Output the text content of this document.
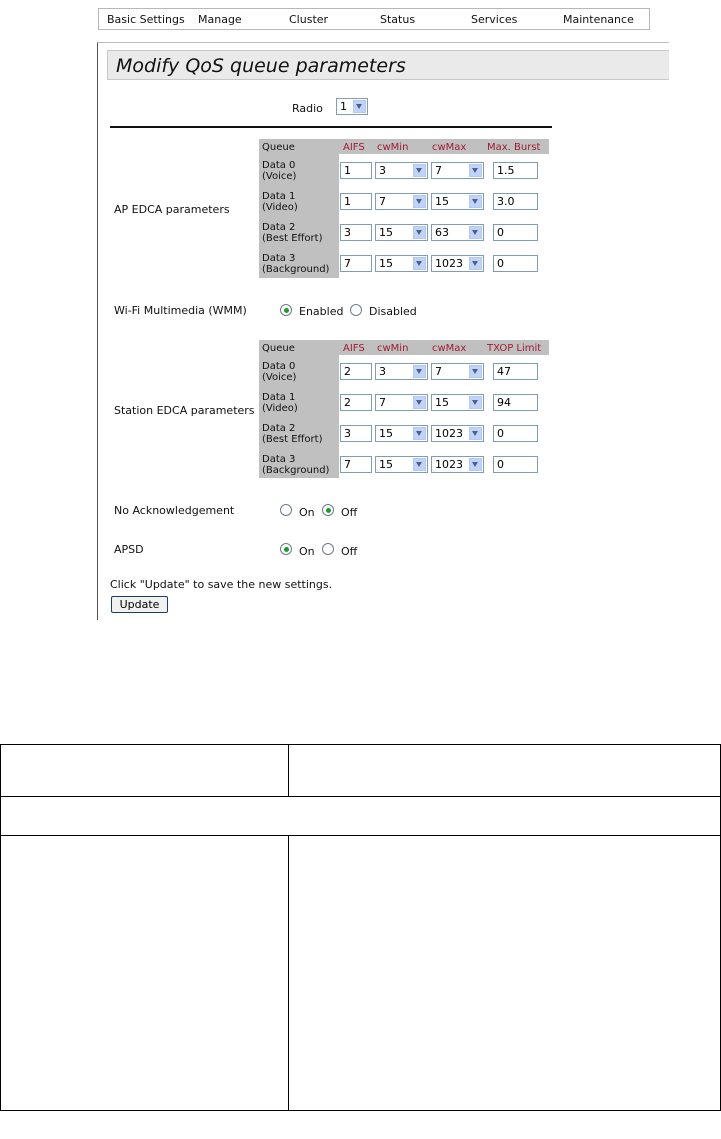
Basic Settings Manage	Cluster	Status	Services	Maintenance
Modify QoS queue parameters
Radio 1
AP EDCA parameters
Queue	AIFS cwMin cwMax Max. Burst
Data 0
(Voice)	1	3	7	1.5
Data 1
(Video)	1	7	15	3.0
Data 2
(Best Effort)	3	15	63	0
Data 3
(Background)	7	15	1023	0
Wi-Fi Multimedia (WMM)	Enabled Disabled
Station EDCA parameters
Queue	AIFS cwMin cwMax TXOP Limit
Data 0
(Voice)	2	3	7	47
Data 1
(Video)	2	7	15	94
Data 2
(Best Effort)	3	15	1023	0
Data 3
(Background)	7	15	1023	0
No Acknowledgement	On Off
APSD	On Off
Click "Update" to save the new settings.
Update
